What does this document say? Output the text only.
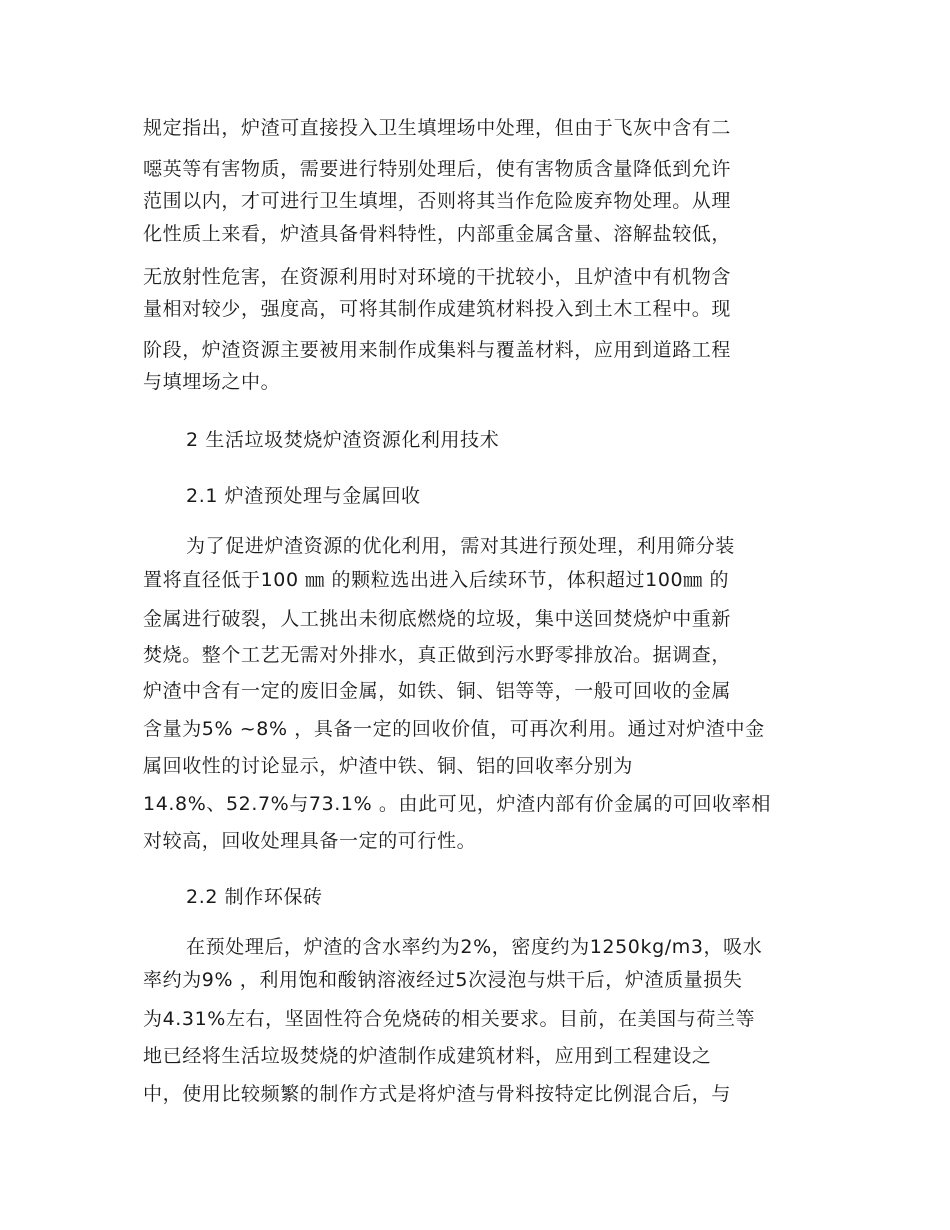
规定指出，炉渣可直接投入卫生填埋场中处理，但由于飞灰中含有二
噁英等有害物质，需要进行特别处理后，使有害物质含量降低到允许
范围以内，才可进行卫生填埋，否则将其当作危险废弃物处理。从理
化性质上来看，炉渣具备骨料特性，内部重金属含量、溶解盐较低，
无放射性危害，在资源利用时对环境的干扰较小，且炉渣中有机物含
量相对较少，强度高，可将其制作成建筑材料投入到土木工程中。现
阶段，炉渣资源主要被用来制作成集料与覆盖材料，应用到道路工程
与填埋场之中。
2 生活垃圾焚烧炉渣资源化利用技术
2.1 炉渣预处理与金属回收
为了促进炉渣资源的优化利用，需对其进行预处理，利用筛分装
置将直径低于100 ㎜ 的颗粒选出进入后续环节，体积超过100㎜ 的
金属进行破裂，人工挑出未彻底燃烧的垃圾，集中送回焚烧炉中重新
焚烧。整个工艺无需对外排水，真正做到污水野零排放冶。据调查，
炉渣中含有一定的废旧金属，如铁、铜、铝等等，一般可回收的金属
含量为5% ~8% ，具备一定的回收价值，可再次利用。通过对炉渣中金
属回收性的讨论显示，炉渣中铁、铜、铝的回收率分别为
14.8%、52.7%与73.1% 。由此可见，炉渣内部有价金属的可回收率相
对较高，回收处理具备一定的可行性。
2.2 制作环保砖
在预处理后，炉渣的含水率约为2%，密度约为1250kg/m3，吸水
率约为9% ，利用饱和酸钠溶液经过5次浸泡与烘干后，炉渣质量损失
为4.31%左右，坚固性符合免烧砖的相关要求。目前，在美国与荷兰等
地已经将生活垃圾焚烧的炉渣制作成建筑材料，应用到工程建设之
中，使用比较频繁的制作方式是将炉渣与骨料按特定比例混合后，与
